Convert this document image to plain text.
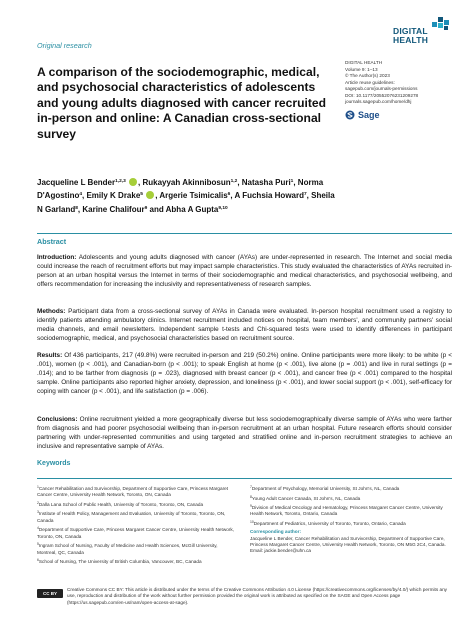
Original research
DIGITAL
HEALTH
A comparison of the sociodemographic, medical, and psychosocial characteristics of adolescents and young adults diagnosed with cancer recruited in-person and online: A Canadian cross-sectional survey
DIGITAL HEALTH
Volume 9: 1–13
© The Author(s) 2023
Article reuse guidelines:
sagepub.com/journals-permissions
DOI: 10.1177/20552076231209278
journals.sagepub.com/home/dhj
Sage
Jacqueline L Bender$^{1,2,3}$ , Rukayyah Akinnibosun$^{1,2}$, Natasha Puri$^1$, Norma D'Agostino$^4$, Emily K Drake$^5$ , Argerie Tsimicalis$^6$, A Fuchsia Howard$^7$, Sheila N Garland$^8$, Karine Chalifour$^9$ and Abha A Gupta$^{9,10}$
Abstract

Introduction: Adolescents and young adults diagnosed with cancer (AYAs) are under-represented in research. The Internet and social media could increase the reach of recruitment efforts but may impact sample characteristics. This study evaluated the characteristics of AYAs recruited in-person at an urban hospital versus the Internet in terms of their sociodemographic and medical characteristics, and psychosocial wellbeing, and offers recommendation for increasing the inclusivity and representativeness of research samples.

Methods: Participant data from a cross-sectional survey of AYAs in Canada were evaluated. In-person hospital recruitment used a registry to identify patients attending ambulatory clinics. Internet recruitment included notices on hospital, team members', and community partners' social media channels, and email newsletters. Independent sample t-tests and Chi-squared tests were used to identify differences in participant sociodemographic, medical, and psychosocial characteristics based on recruitment source.

Results: Of 436 participants, 217 (49.8%) were recruited in-person and 219 (50.2%) online. Online participants were more likely: to be white (p < .001), women (p < .001), and Canadian-born (p < .001); to speak English at home (p < .001), live alone (p = .001) and live in rural settings (p = .014); and to be farther from diagnosis (p = .023), diagnosed with breast cancer (p < .001), and cancer free (p < .001) compared to the hospital sample. Online participants also reported higher anxiety, depression, and loneliness (p < .001), and lower social support (p < .001), self-efficacy for coping with cancer (p < .001), and life satisfaction (p = .006).

Conclusions: Online recruitment yielded a more geographically diverse but less sociodemographically diverse sample of AYAs who were farther from diagnosis and had poorer psychosocial wellbeing than in-person recruitment at an urban hospital. Future research efforts should consider partnering with under-represented communities and using targeted and stratified online and in-person recruitment strategies to achieve an inclusive and representative sample of AYAs.

Keywords
$^1$Cancer Rehabilitation and Survivorship, Department of Supportive Care, Princess Margaret Cancer Centre, University Health Network, Toronto, ON, Canada
$^2$Dalla Lana School of Public Health, University of Toronto, Toronto, ON, Canada
$^3$Institute of Health Policy, Management and Evaluation, University of Toronto, Toronto, ON, Canada
$^4$Department of Supportive Care, Princess Margaret Cancer Centre, University Health Network, Toronto, ON, Canada
$^5$Ingram School of Nursing, Faculty of Medicine and Health Sciences, McGill University, Montreal, QC, Canada
$^6$School of Nursing, The University of British Columbia, Vancouver, BC, Canada
$^7$Department of Psychology, Memorial University, St John's, NL, Canada
$^8$Young Adult Cancer Canada, St John's, NL, Canada
$^9$Division of Medical Oncology and Hematology, Princess Margaret Cancer Centre, University Health Network, Toronto, Ontario, Canada
$^{10}$Department of Pediatrics, University of Toronto, Toronto, Ontario, Canada
Corresponding author:
Jacqueline L Bender, Cancer Rehabilitation and Survivorship, Department of Supportive Care, Princess Margaret Cancer Centre, University Health Network, Toronto, ON M5G 2C4, Canada.
Email: jackie.bender@uhn.ca
CC BY
Creative Commons CC BY: This article is distributed under the terms of the Creative Commons Attribution 4.0 License (https://creativecommons.org/licenses/by/4.0/) which permits any use, reproduction and distribution of the work without further permission provided the original work is attributed as specified on the SAGE and Open Access page (https://us.sagepub.com/en-us/nam/open-access-at-sage).
